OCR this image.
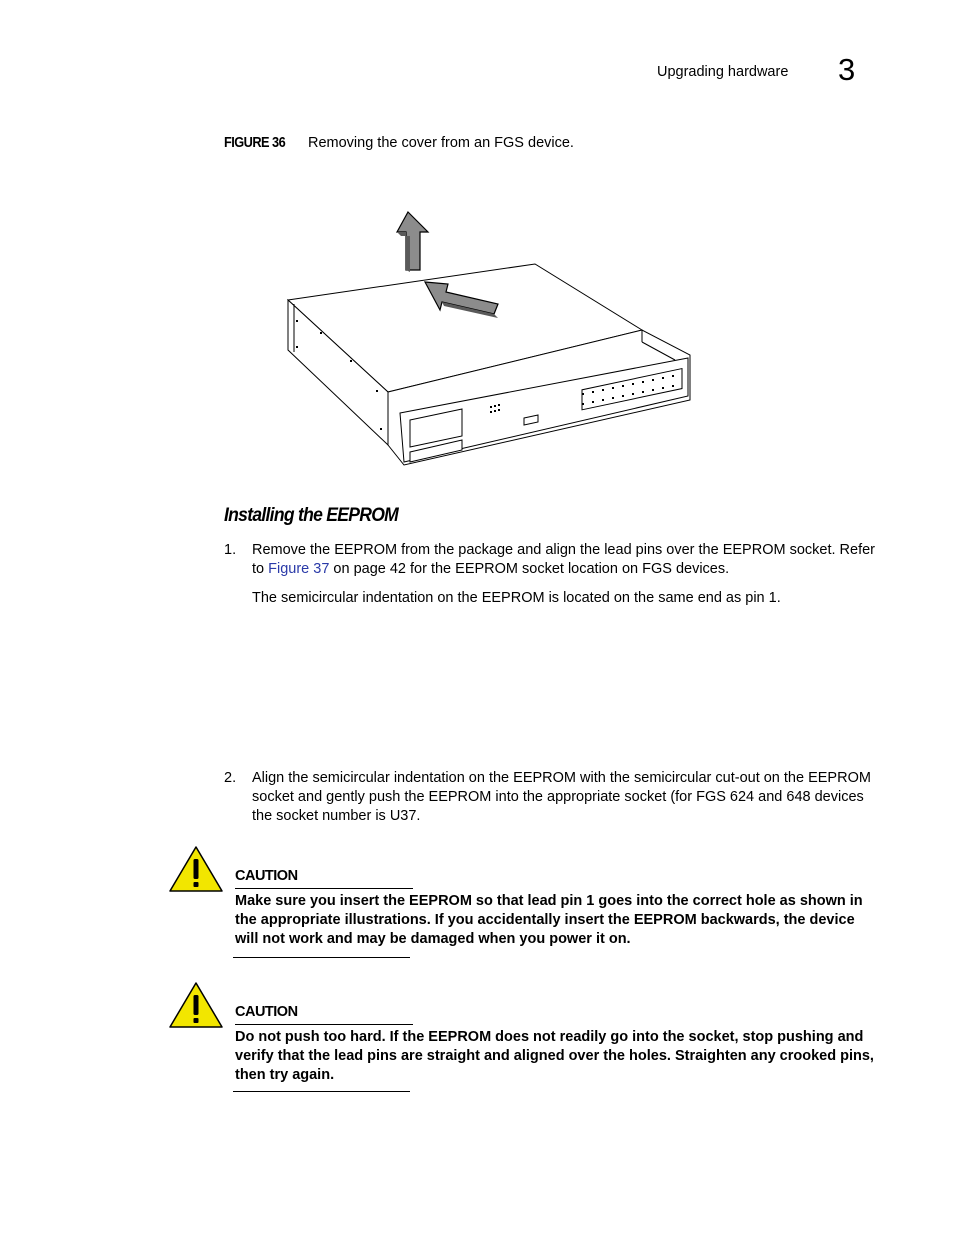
Upgrading hardware 3
FIGURE 36 Removing the cover from an FGS device.
Installing the EEPROM
1. Remove the EEPROM from the package and align the lead pins over the EEPROM socket. Refer to Figure 37 on page 42 for the EEPROM socket location on FGS devices.
The semicircular indentation on the EEPROM is located on the same end as pin 1.
2. Align the semicircular indentation on the EEPROM with the semicircular cut-out on the EEPROM socket and gently push the EEPROM into the appropriate socket (for FGS 624 and 648 devices the socket number is U37.
CAUTION
Make sure you insert the EEPROM so that lead pin 1 goes into the correct hole as shown in the appropriate illustrations. If you accidentally insert the EEPROM backwards, the device will not work and may be damaged when you power it on.
CAUTION
Do not push too hard. If the EEPROM does not readily go into the socket, stop pushing and verify that the lead pins are straight and aligned over the holes. Straighten any crooked pins, then try again.
